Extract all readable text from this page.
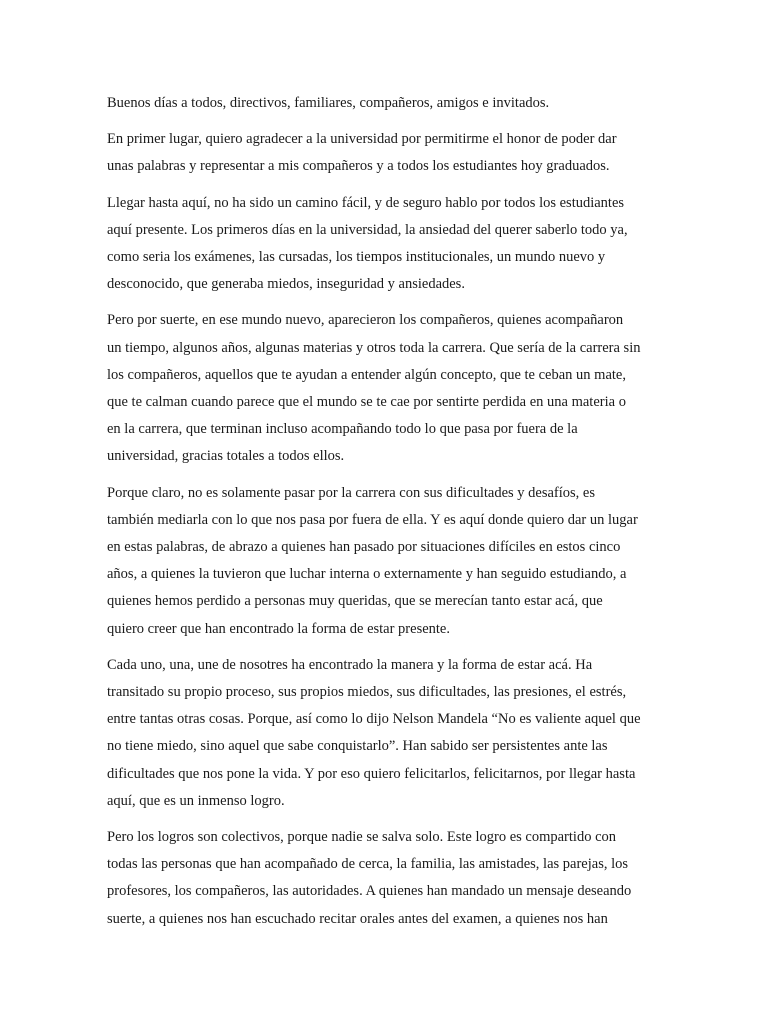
Buenos días a todos, directivos, familiares, compañeros, amigos e invitados.

En primer lugar, quiero agradecer a la universidad por permitirme el honor de poder dar
unas palabras y representar a mis compañeros y a todos los estudiantes hoy graduados.

Llegar hasta aquí, no ha sido un camino fácil, y de seguro hablo por todos los estudiantes
aquí presente. Los primeros días en la universidad, la ansiedad del querer saberlo todo ya,
como seria los exámenes, las cursadas, los tiempos institucionales, un mundo nuevo y
desconocido, que generaba miedos, inseguridad y ansiedades.

Pero por suerte, en ese mundo nuevo, aparecieron los compañeros, quienes acompañaron
un tiempo, algunos años, algunas materias y otros toda la carrera. Que sería de la carrera sin
los compañeros, aquellos que te ayudan a entender algún concepto, que te ceban un mate,
que te calman cuando parece que el mundo se te cae por sentirte perdida en una materia o
en la carrera, que terminan incluso acompañando todo lo que pasa por fuera de la
universidad, gracias totales a todos ellos.

Porque claro, no es solamente pasar por la carrera con sus dificultades y desafíos, es
también mediarla con lo que nos pasa por fuera de ella. Y es aquí donde quiero dar un lugar
en estas palabras, de abrazo a quienes han pasado por situaciones difíciles en estos cinco
años, a quienes la tuvieron que luchar interna o externamente y han seguido estudiando, a
quienes hemos perdido a personas muy queridas, que se merecían tanto estar acá, que
quiero creer que han encontrado la forma de estar presente.

Cada uno, una, une de nosotres ha encontrado la manera y la forma de estar acá. Ha
transitado su propio proceso, sus propios miedos, sus dificultades, las presiones, el estrés,
entre tantas otras cosas. Porque, así como lo dijo Nelson Mandela “No es valiente aquel que
no tiene miedo, sino aquel que sabe conquistarlo”. Han sabido ser persistentes ante las
dificultades que nos pone la vida. Y por eso quiero felicitarlos, felicitarnos, por llegar hasta
aquí, que es un inmenso logro.

Pero los logros son colectivos, porque nadie se salva solo. Este logro es compartido con
todas las personas que han acompañado de cerca, la familia, las amistades, las parejas, los
profesores, los compañeros, las autoridades. A quienes han mandado un mensaje deseando
suerte, a quienes nos han escuchado recitar orales antes del examen, a quienes nos han
